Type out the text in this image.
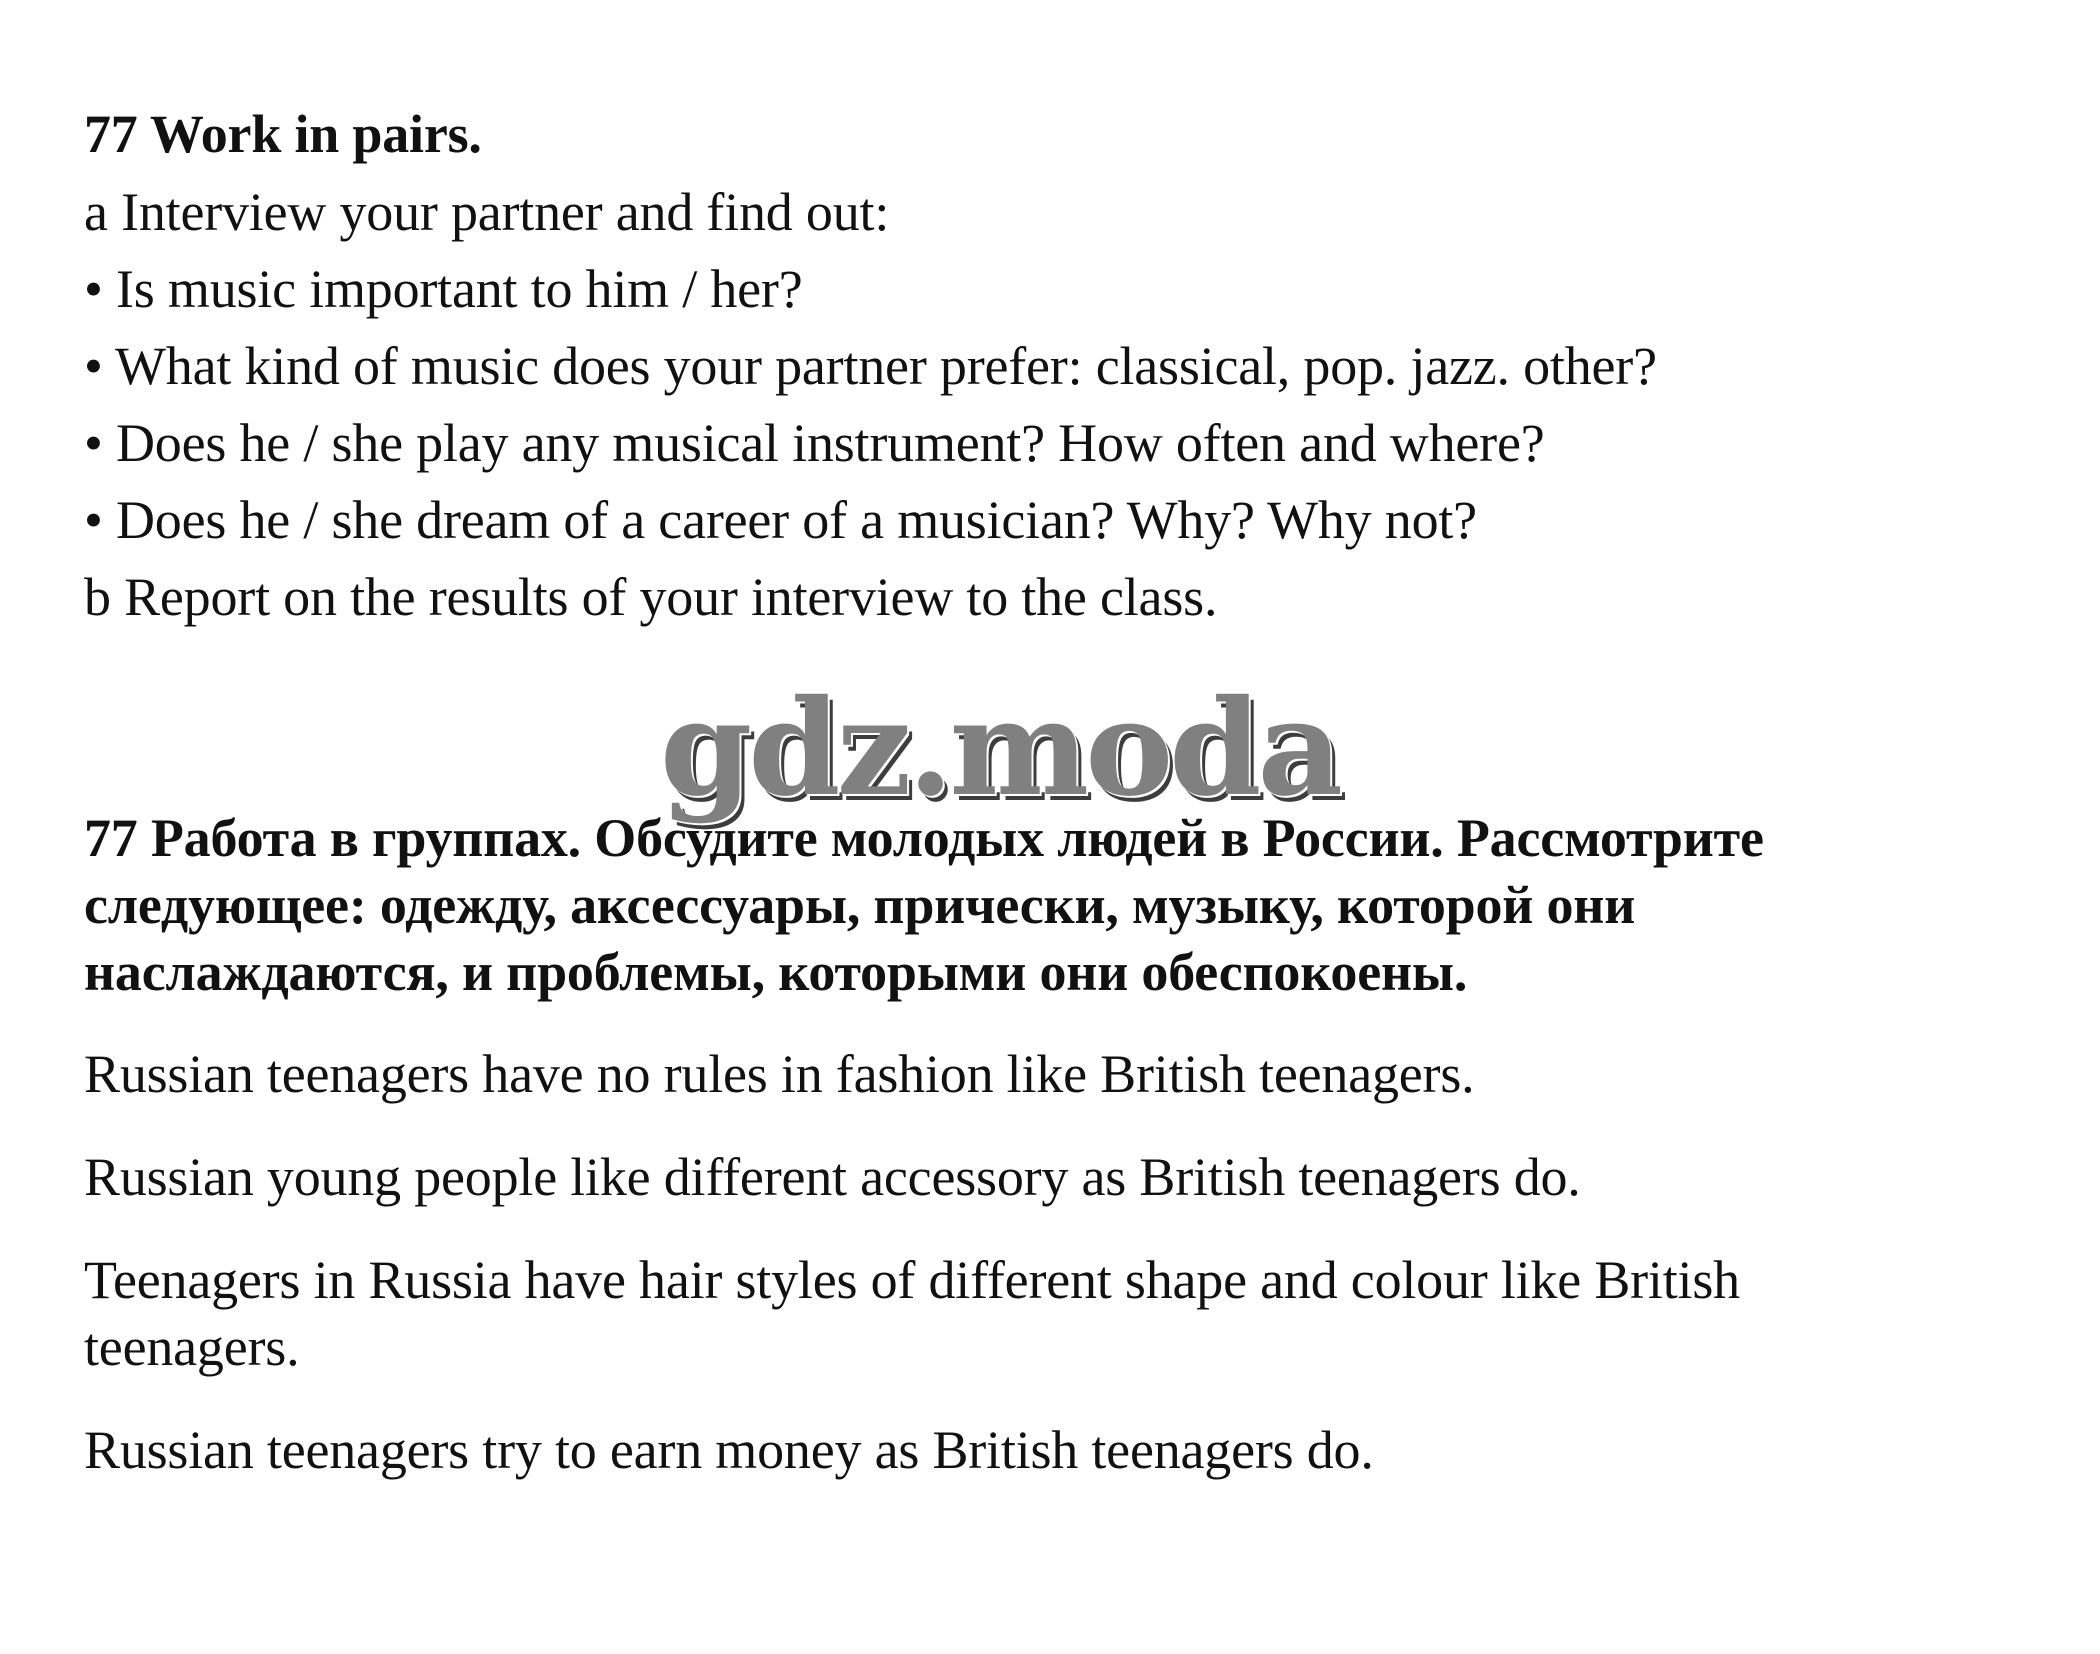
77 Work in pairs.
a Interview your partner and find out:
• Is music important to him / her?
• What kind of music does your partner prefer: classical, pop. jazz. other?
• Does he / she play any musical instrument? How often and where?
• Does he / she dream of a career of a musician? Why? Why not?
b Report on the results of your interview to the class.
gdz.moda
77 Работа в группах. Обсудите молодых людей в России. Рассмотрите
следующее: одежду, аксессуары, прически, музыку, которой они
наслаждаются, и проблемы, которыми они обеспокоены.
Russian teenagers have no rules in fashion like British teenagers.
Russian young people like different accessory as British teenagers do.
Teenagers in Russia have hair styles of different shape and colour like British
teenagers.
Russian teenagers try to earn money as British teenagers do.
